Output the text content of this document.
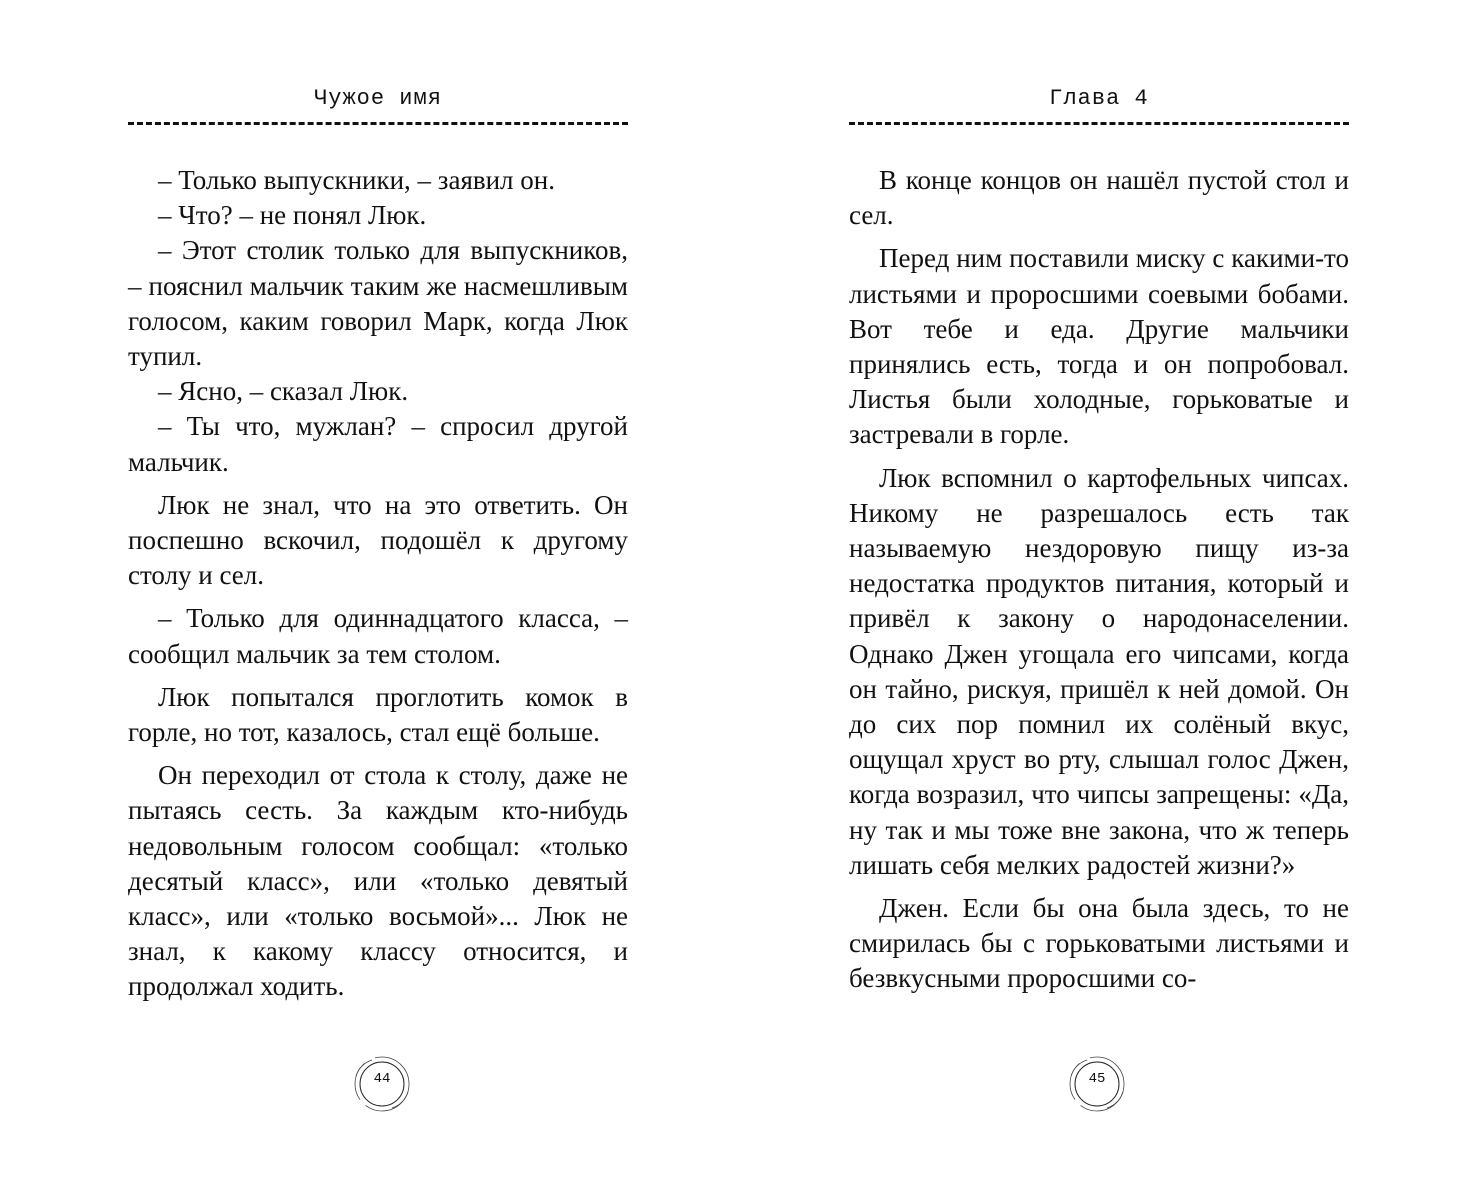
Чужое имя

– Только выпускники, – заявил он.

– Что? – не понял Люк.

– Этот столик только для выпускников, – пояснил мальчик таким же насмешливым голосом, каким говорил Марк, когда Люк тупил.

– Ясно, – сказал Люк.

– Ты что, мужлан? – спросил другой мальчик.

Люк не знал, что на это ответить. Он поспешно вскочил, подошёл к другому столу и сел.

– Только для одиннадцатого класса, – сообщил мальчик за тем столом.

Люк попытался проглотить комок в горле, но тот, казалось, стал ещё больше.

Он переходил от стола к столу, даже не пытаясь сесть. За каждым кто-нибудь недовольным голосом сообщал: «только десятый класс», или «только девятый класс», или «только восьмой»... Люк не знал, к какому классу относится, и продолжал ходить.

44
Глава 4

В конце концов он нашёл пустой стол и сел.

Перед ним поставили миску с какими-то листьями и проросшими соевыми бобами. Вот тебе и еда. Другие мальчики принялись есть, тогда и он попробовал. Листья были холодные, горьковатые и застревали в горле.

Люк вспомнил о картофельных чипсах. Никому не разрешалось есть так называемую нездоровую пищу из-за недостатка продуктов питания, который и привёл к закону о народонаселении. Однако Джен угощала его чипсами, когда он тайно, рискуя, пришёл к ней домой. Он до сих пор помнил их солёный вкус, ощущал хруст во рту, слышал голос Джен, когда возразил, что чипсы запрещены: «Да, ну так и мы тоже вне закона, что ж теперь лишать себя мелких радостей жизни?»

Джен. Если бы она была здесь, то не смирилась бы с горьковатыми листьями и безвкусными проросшими со-

45
